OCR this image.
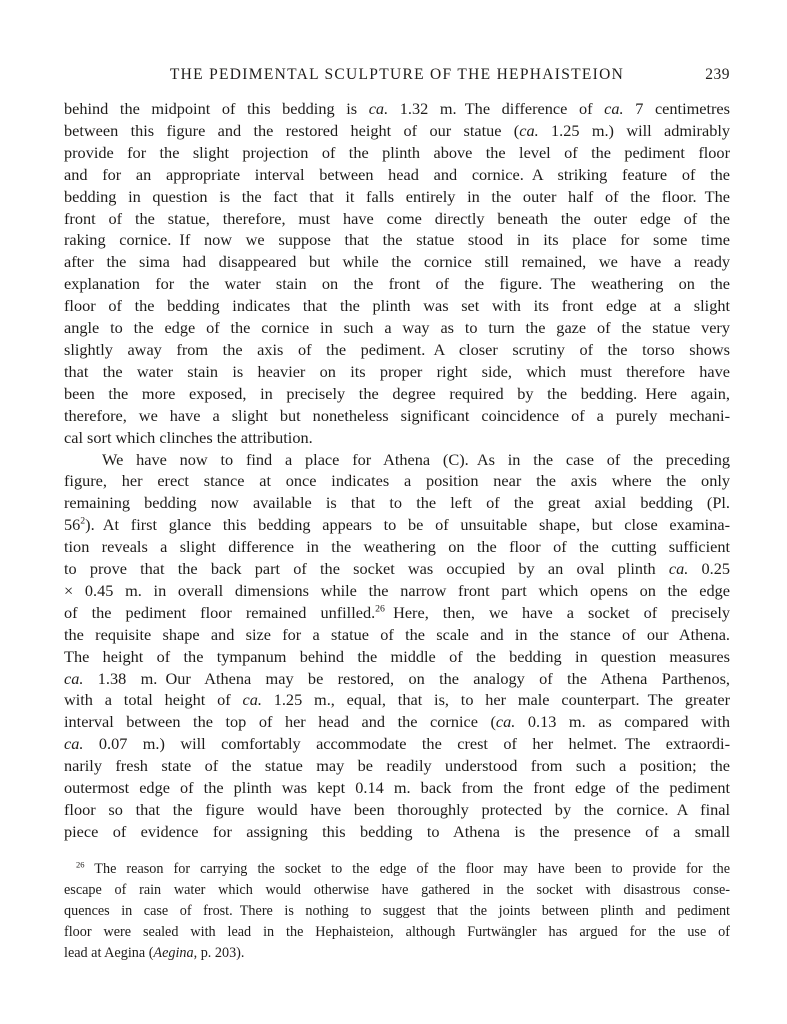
THE PEDIMENTAL SCULPTURE OF THE HEPHAISTEION	239
behind the midpoint of this bedding is ca. 1.32 m. The difference of ca. 7 centimetres
between this figure and the restored height of our statue (ca. 1.25 m.) will admirably
provide for the slight projection of the plinth above the level of the pediment floor
and for an appropriate interval between head and cornice. A striking feature of the
bedding in question is the fact that it falls entirely in the outer half of the floor. The
front of the statue, therefore, must have come directly beneath the outer edge of the
raking cornice. If now we suppose that the statue stood in its place for some time
after the sima had disappeared but while the cornice still remained, we have a ready
explanation for the water stain on the front of the figure. The weathering on the
floor of the bedding indicates that the plinth was set with its front edge at a slight
angle to the edge of the cornice in such a way as to turn the gaze of the statue very
slightly away from the axis of the pediment. A closer scrutiny of the torso shows
that the water stain is heavier on its proper right side, which must therefore have
been the more exposed, in precisely the degree required by the bedding. Here again,
therefore, we have a slight but nonetheless significant coincidence of a purely mechani-
cal sort which clinches the attribution.
We have now to find a place for Athena (C). As in the case of the preceding
figure, her erect stance at once indicates a position near the axis where the only
remaining bedding now available is that to the left of the great axial bedding (Pl.
$56^2$). At first glance this bedding appears to be of unsuitable shape, but close examina-
tion reveals a slight difference in the weathering on the floor of the cutting sufficient
to prove that the back part of the socket was occupied by an oval plinth ca. 0.25
× 0.45 m. in overall dimensions while the narrow front part which opens on the edge
of the pediment floor remained unfilled.$^{26}$ Here, then, we have a socket of precisely
the requisite shape and size for a statue of the scale and in the stance of our Athena.
The height of the tympanum behind the middle of the bedding in question measures
ca. 1.38 m. Our Athena may be restored, on the analogy of the Athena Parthenos,
with a total height of ca. 1.25 m., equal, that is, to her male counterpart. The greater
interval between the top of her head and the cornice (ca. 0.13 m. as compared with
ca. 0.07 m.) will comfortably accommodate the crest of her helmet. The extraordi-
narily fresh state of the statue may be readily understood from such a position; the
outermost edge of the plinth was kept 0.14 m. back from the front edge of the pediment
floor so that the figure would have been thoroughly protected by the cornice. A final
piece of evidence for assigning this bedding to Athena is the presence of a small
$^{26}$ The reason for carrying the socket to the edge of the floor may have been to provide for the
escape of rain water which would otherwise have gathered in the socket with disastrous conse-
quences in case of frost. There is nothing to suggest that the joints between plinth and pediment
floor were sealed with lead in the Hephaisteion, although Furtwängler has argued for the use of
lead at Aegina (Aegina, p. 203).
